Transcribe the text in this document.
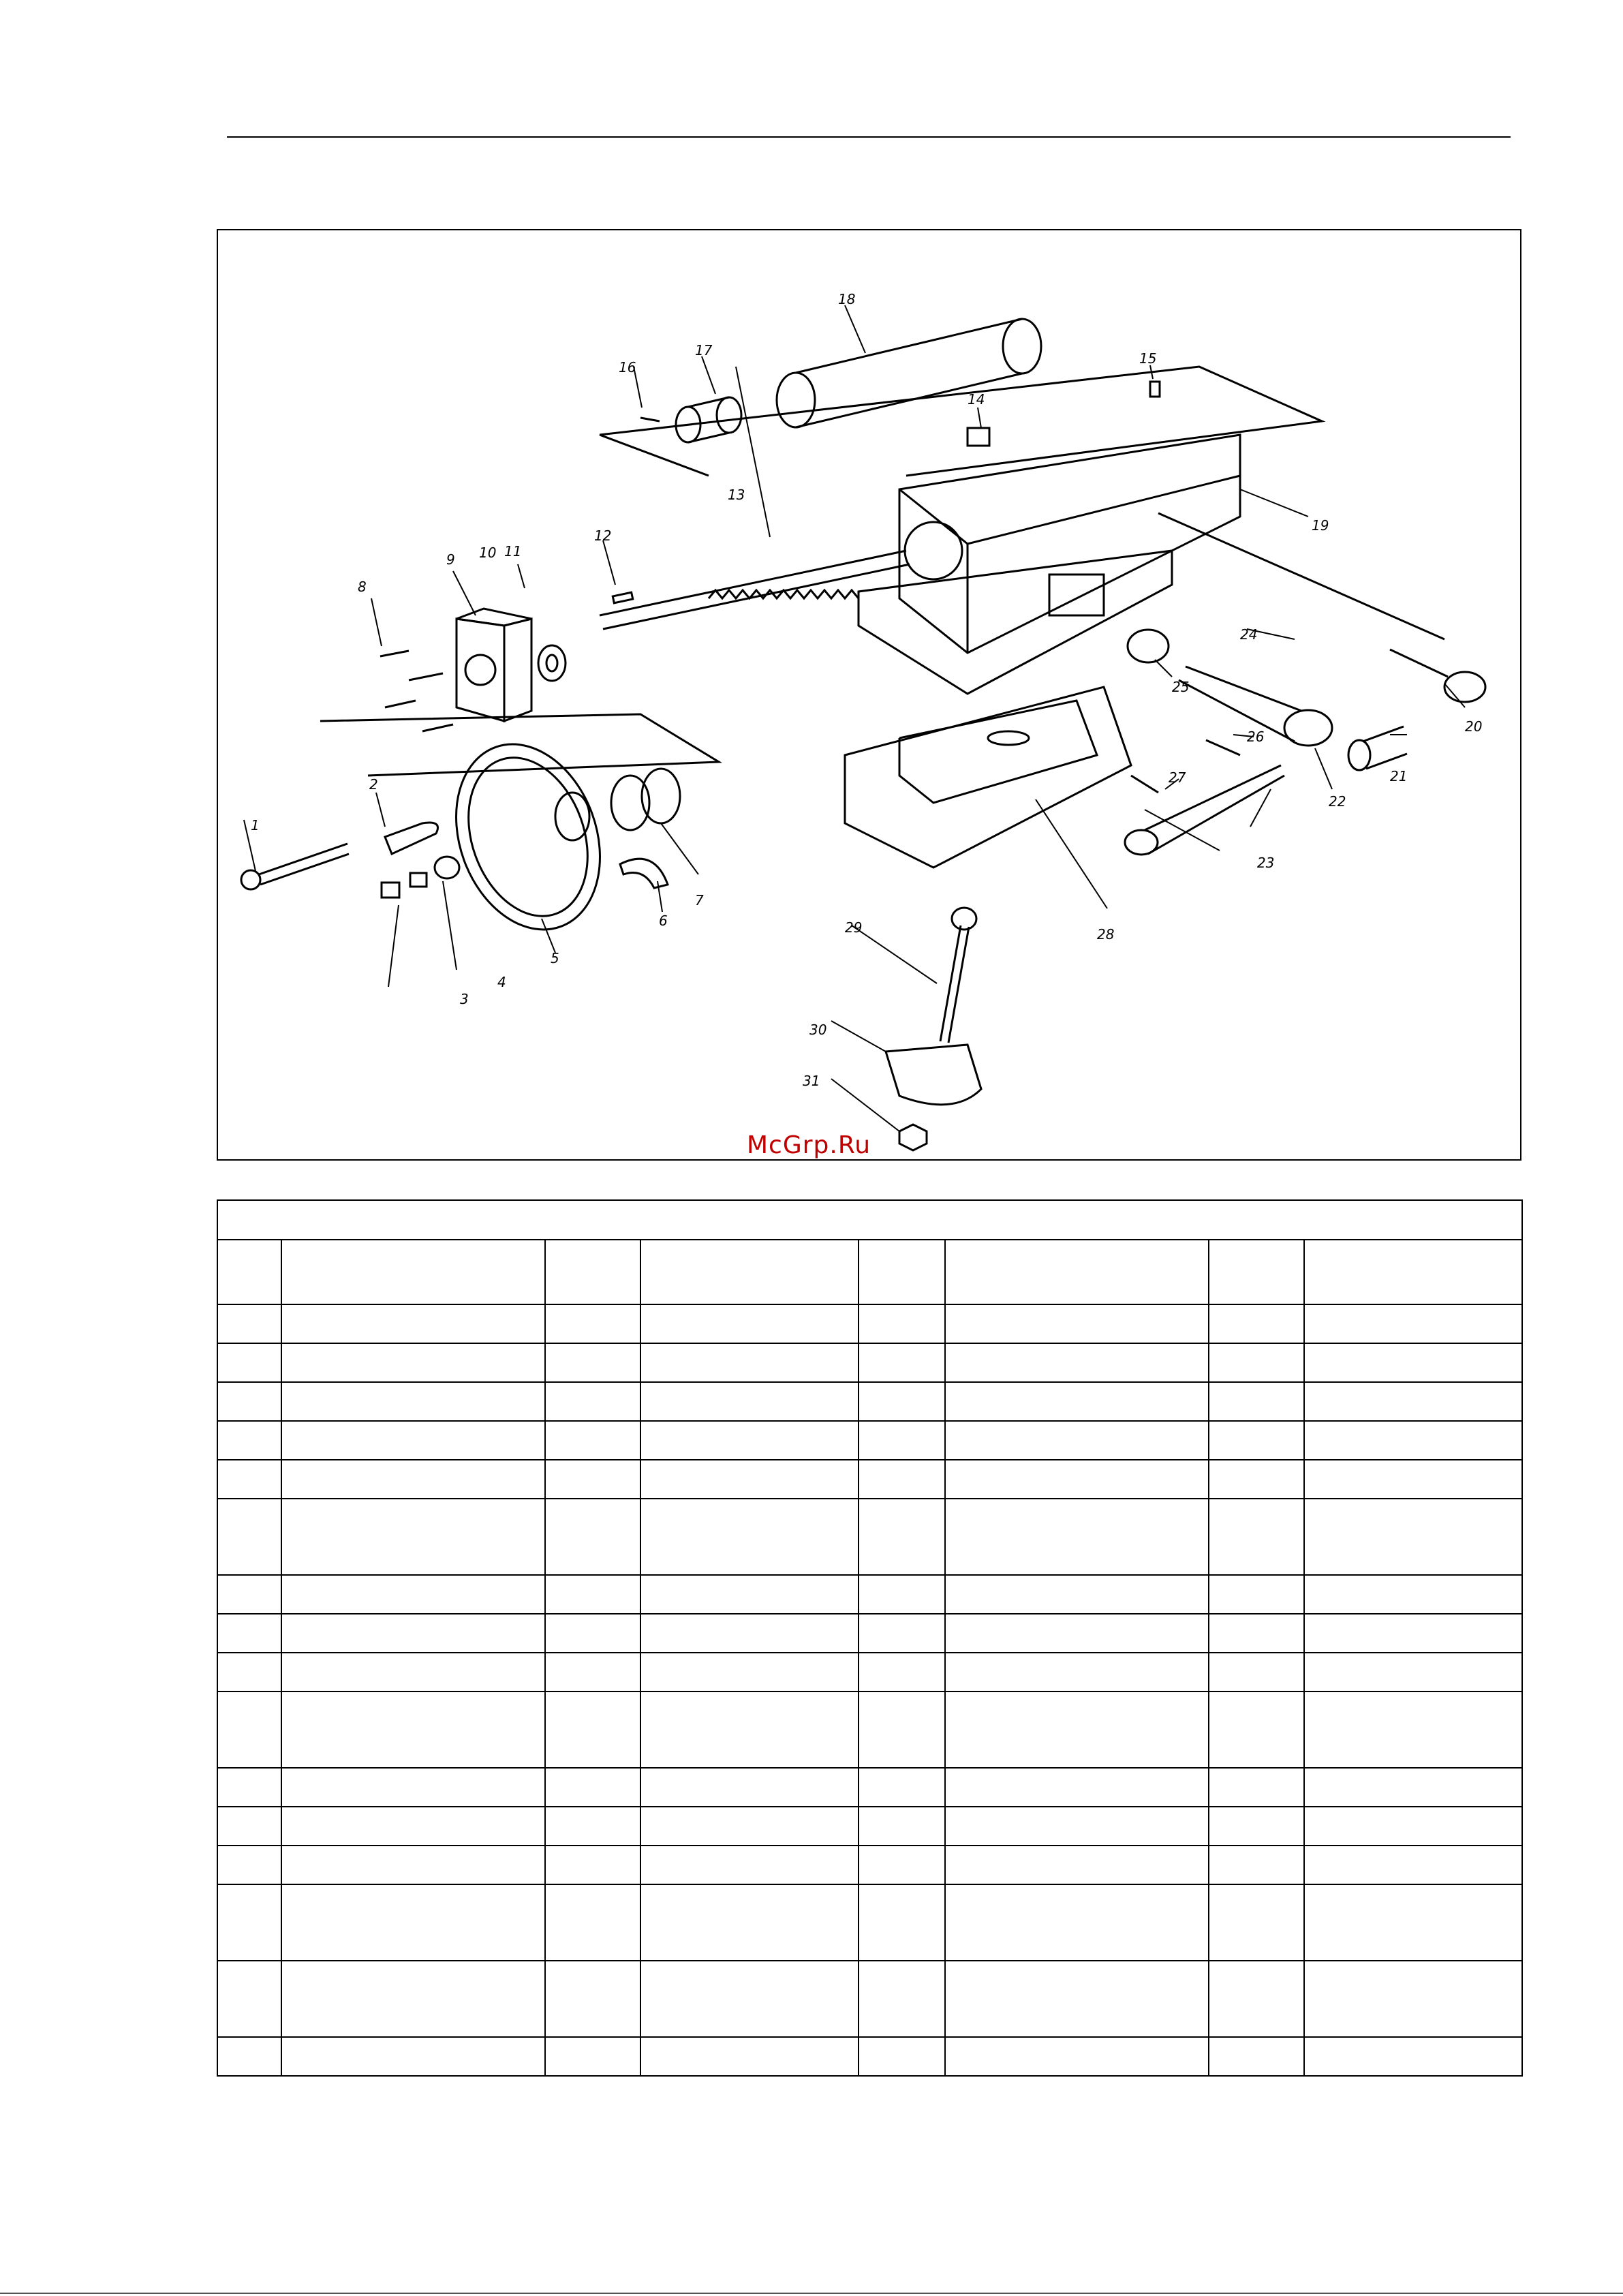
1
2
3
4
5
6
7
8
9 10 11
12
13
14
15
16
17
18
19
20
21
22
23
24
25
26
27
28
29
30
31
McGrp.Ru
